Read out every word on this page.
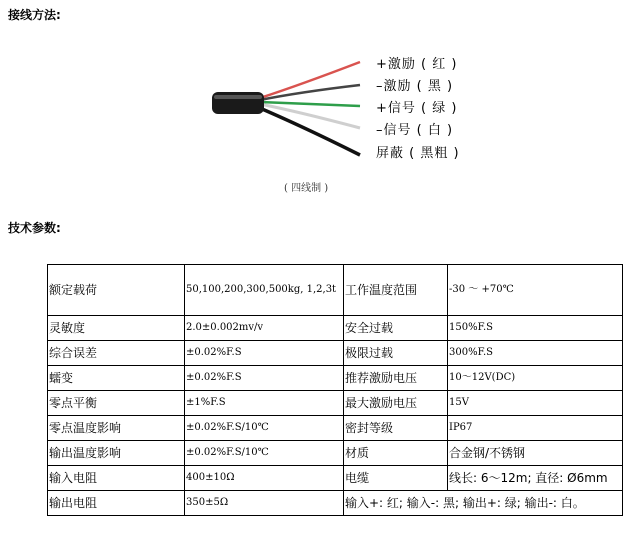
接线方法:
+激励 ( 红 )
–激励 ( 黑 )
+信号 ( 绿 )
–信号 ( 白 )
屏蔽 ( 黑粗 )
( 四线制 )
技术参数:
额定载荷	50,100,200,300,500kg, 1,2,3t	工作温度范围	-30 ～ +70℃
灵敏度	2.0±0.002mv/v	安全过载	150%F.S
综合误差	±0.02%F.S	极限过载	300%F.S
蠕变	±0.02%F.S	推荐激励电压	10～12V(DC)
零点平衡	±1%F.S	最大激励电压	15V
零点温度影响	±0.02%F.S/10℃	密封等级	IP67
输出温度影响	±0.02%F.S/10℃	材质	合金钢/不锈钢
输入电阻	400±10Ω	电缆	线长: 6～12m; 直径: Ø6mm
输出电阻	350±5Ω	输入+: 红; 输入-: 黑; 输出+: 绿; 输出-: 白。	
